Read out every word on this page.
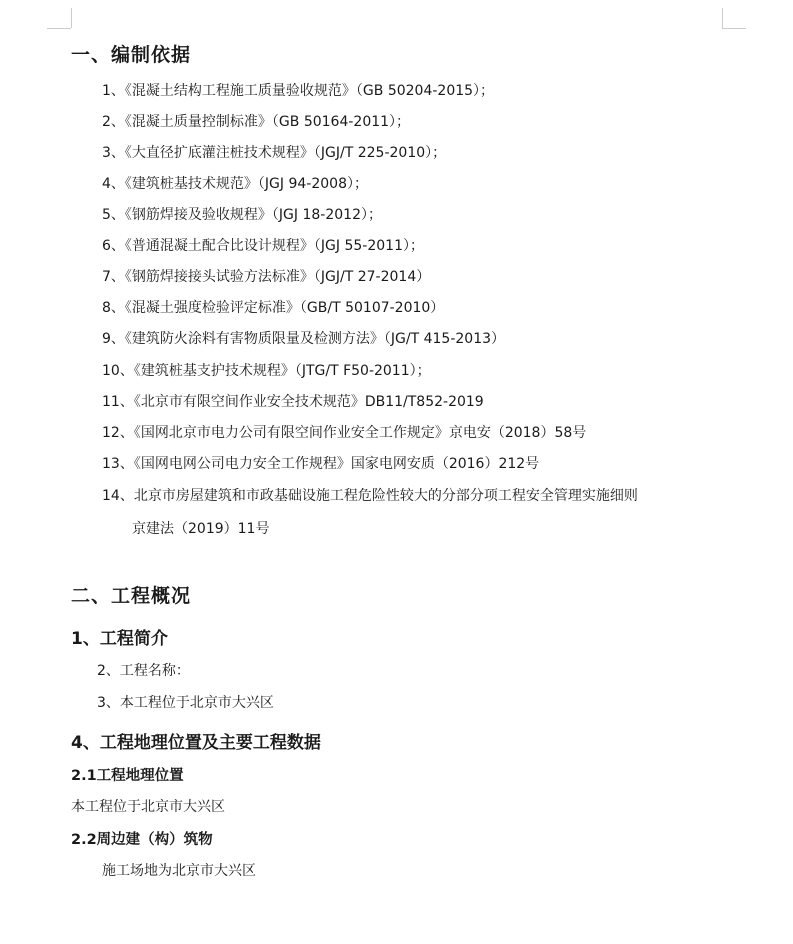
一、编制依据
1、《混凝土结构工程施工质量验收规范》（GB 50204-2015）；
2、《混凝土质量控制标准》（GB 50164-2011）；
3、《大直径扩底灌注桩技术规程》（JGJ/T 225-2010）；
4、《建筑桩基技术规范》（JGJ 94-2008）；
5、《钢筋焊接及验收规程》（JGJ 18-2012）；
6、《普通混凝土配合比设计规程》（JGJ 55-2011）；
7、《钢筋焊接接头试验方法标准》（JGJ/T 27-2014）
8、《混凝土强度检验评定标准》（GB/T 50107-2010）
9、《建筑防火涂料有害物质限量及检测方法》（JG/T 415-2013）
10、《建筑桩基支护技术规程》（JTG/T F50-2011）；
11、《北京市有限空间作业安全技术规范》DB11/T852-2019
12、《国网北京市电力公司有限空间作业安全工作规定》京电安（2018）58号
13、《国网电网公司电力安全工作规程》国家电网安质（2016）212号
14、北京市房屋建筑和市政基础设施工程危险性较大的分部分项工程安全管理实施细则
京建法（2019）11号
二、工程概况
1、工程简介
2、工程名称：
3、本工程位于北京市大兴区
4、工程地理位置及主要工程数据
2.1工程地理位置
本工程位于北京市大兴区
2.2周边建（构）筑物
施工场地为北京市大兴区
